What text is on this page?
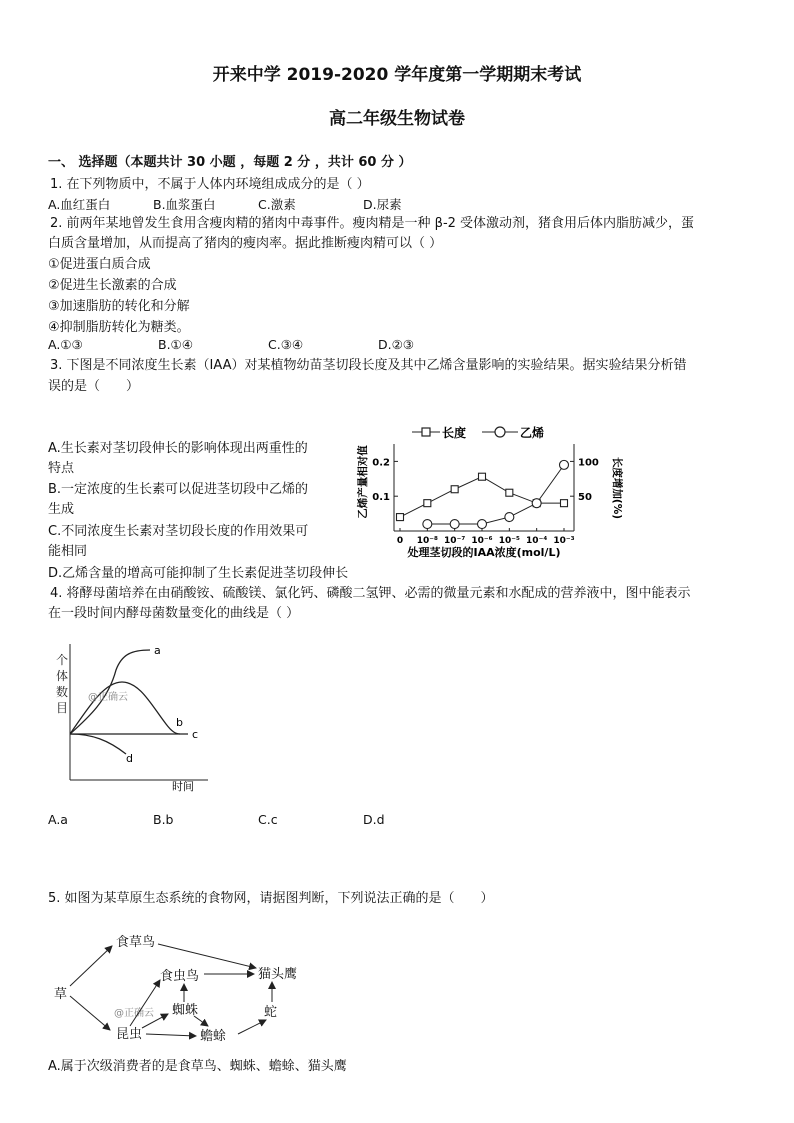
开来中学 2019-2020 学年度第一学期期末考试
高二年级生物试卷
一、 选择题（本题共计 30 小题 ，每题 2 分 ，共计 60 分 ）
1. 在下列物质中，不属于人体内环境组成成分的是（ ）
A.血红蛋白	B.血浆蛋白	C.激素	D.尿素
2. 前两年某地曾发生食用含瘦肉精的猪肉中毒事件。瘦肉精是一种 β-2 受体激动剂，猪食用后体内脂肪减少，蛋
白质含量增加，从而提高了猪肉的瘦肉率。据此推断瘦肉精可以（ ）
①促进蛋白质合成
②促进生长激素的合成
③加速脂肪的转化和分解
④抑制脂肪转化为糖类。
A.①③	B.①④	C.③④	D.②③
3. 下图是不同浓度生长素（IAA）对某植物幼苗茎切段长度及其中乙烯含量影响的实验结果。据实验结果分析错
误的是（　　）
A.生长素对茎切段伸长的影响体现出两重性的
特点
B.一定浓度的生长素可以促进茎切段中乙烯的
生成
C.不同浓度生长素对茎切段长度的作用效果可
能相同
D.乙烯含量的增高可能抑制了生长素促进茎切段伸长
长度	乙烯
乙烯产量相对值	长度增加(%)
处理茎切段的IAA浓度(mol/L)
0 10⁻⁸ 10⁻⁷ 10⁻⁶ 10⁻⁵ 10⁻⁴ 10⁻³
0.1
0.2
50
100
4. 将酵母菌培养在由硝酸铵、硫酸镁、氯化钙、磷酸二氢钾、必需的微量元素和水配成的营养液中，图中能表示
在一段时间内酵母菌数量变化的曲线是（ ）
个
体
数
目
a
b
c
d
时间
@正确云
A.a	B.b	C.c	D.d
5. 如图为某草原生态系统的食物网，请据图判断，下列说法正确的是（　　）
食草鸟
食虫鸟	猫头鹰
草
蜘蛛	蛇
昆虫	蟾蜍
@正确云
A.属于次级消费者的是食草鸟、蜘蛛、蟾蜍、猫头鹰
